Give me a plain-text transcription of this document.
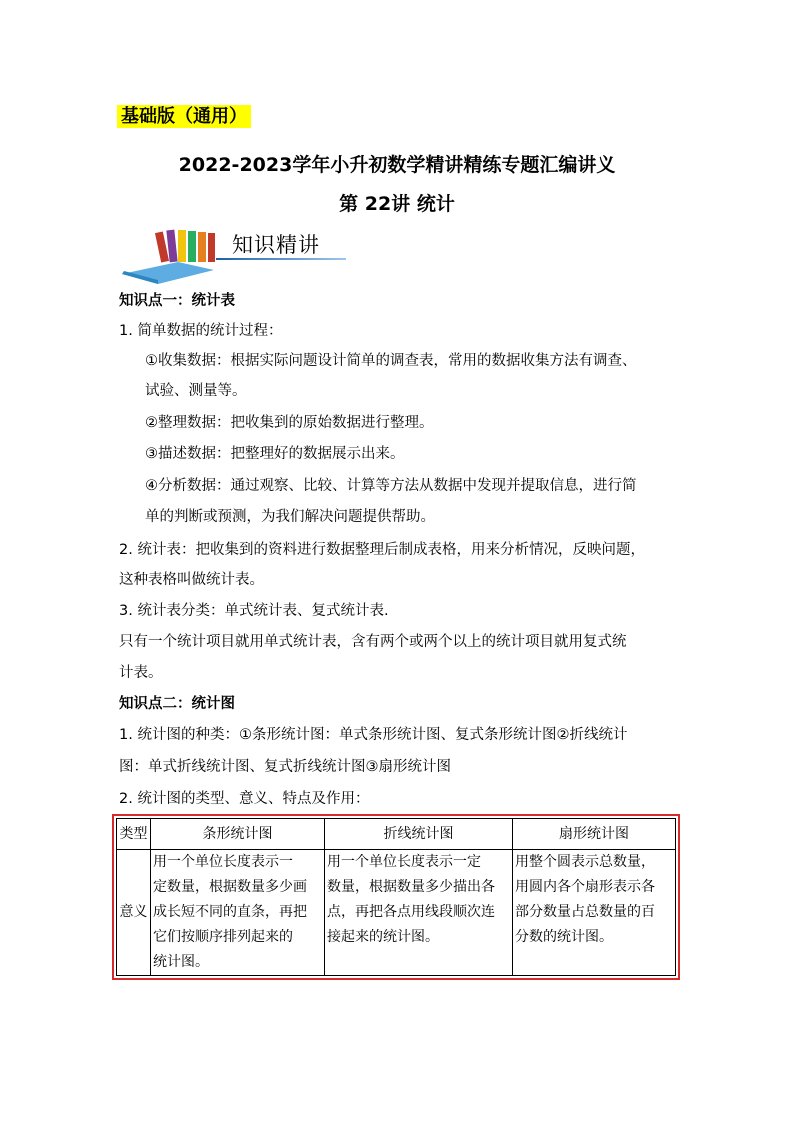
基础版（通用）
2022-2023学年小升初数学精讲精练专题汇编讲义
第 22讲 统计
知识精讲
知识点一：统计表
1. 简单数据的统计过程：
①收集数据：根据实际问题设计简单的调查表，常用的数据收集方法有调查、
试验、测量等。
②整理数据：把收集到的原始数据进行整理。
③描述数据：把整理好的数据展示出来。
④分析数据：通过观察、比较、计算等方法从数据中发现并提取信息，进行简
单的判断或预测，为我们解决问题提供帮助。
2. 统计表：把收集到的资料进行数据整理后制成表格，用来分析情况，反映问题，
这种表格叫做统计表。
3. 统计表分类：单式统计表、复式统计表.
只有一个统计项目就用单式统计表，含有两个或两个以上的统计项目就用复式统
计表。
知识点二：统计图
1. 统计图的种类：①条形统计图：单式条形统计图、复式条形统计图②折线统计
图：单式折线统计图、复式折线统计图③扇形统计图
2. 统计图的类型、意义、特点及作用：
类型	条形统计图	折线统计图	扇形统计图
意义	用一个单位长度表示一
定数量，根据数量多少画
成长短不同的直条，再把
它们按顺序排列起来的
统计图。	用一个单位长度表示一定
数量，根据数量多少描出各
点，再把各点用线段顺次连
接起来的统计图。	用整个圆表示总数量，
用圆内各个扇形表示各
部分数量占总数量的百
分数的统计图。
